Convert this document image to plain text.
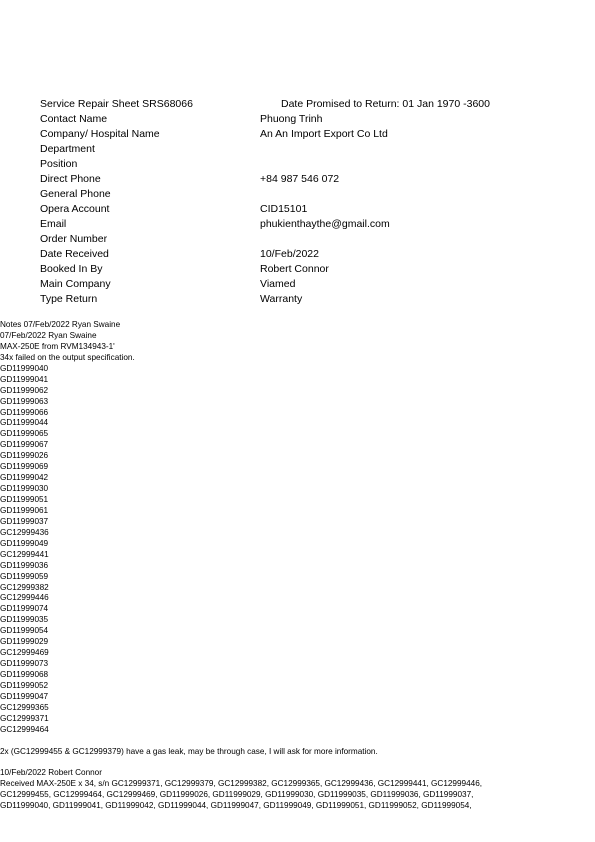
Service Repair Sheet SRS68066	Date Promised to Return: 01 Jan 1970 -3600
Contact Name	Phuong Trinh
Company/ Hospital Name	An An Import Export Co Ltd
Department
Position
Direct Phone	+84 987 546 072
General Phone
Opera Account	CID15101
Email	phukienthaythe@gmail.com
Order Number
Date Received	10/Feb/2022
Booked In By	Robert Connor
Main Company	Viamed
Type Return	Warranty
Notes 07/Feb/2022 Ryan Swaine
07/Feb/2022 Ryan Swaine
MAX-250E from RVM134943-1'
34x failed on the output specification.
GD11999040
GD11999041
GD11999062
GD11999063
GD11999066
GD11999044
GD11999065
GD11999067
GD11999026
GD11999069
GD11999042
GD11999030
GD11999051
GD11999061
GD11999037
GC12999436
GD11999049
GC12999441
GD11999036
GD11999059
GC12999382
GC12999446
GD11999074
GD11999035
GD11999054
GD11999029
GC12999469
GD11999073
GD11999068
GD11999052
GD11999047
GC12999365
GC12999371
GC12999464
2x (GC12999455 & GC12999379) have a gas leak, may be through case, I will ask for more information.
10/Feb/2022 Robert Connor
Received MAX-250E x 34, s/n GC12999371, GC12999379, GC12999382, GC12999365, GC12999436, GC12999441, GC12999446,
GC12999455, GC12999464, GC12999469, GD11999026, GD11999029, GD11999030, GD11999035, GD11999036, GD11999037,
GD11999040, GD11999041, GD11999042, GD11999044, GD11999047, GD11999049, GD11999051, GD11999052, GD11999054,
